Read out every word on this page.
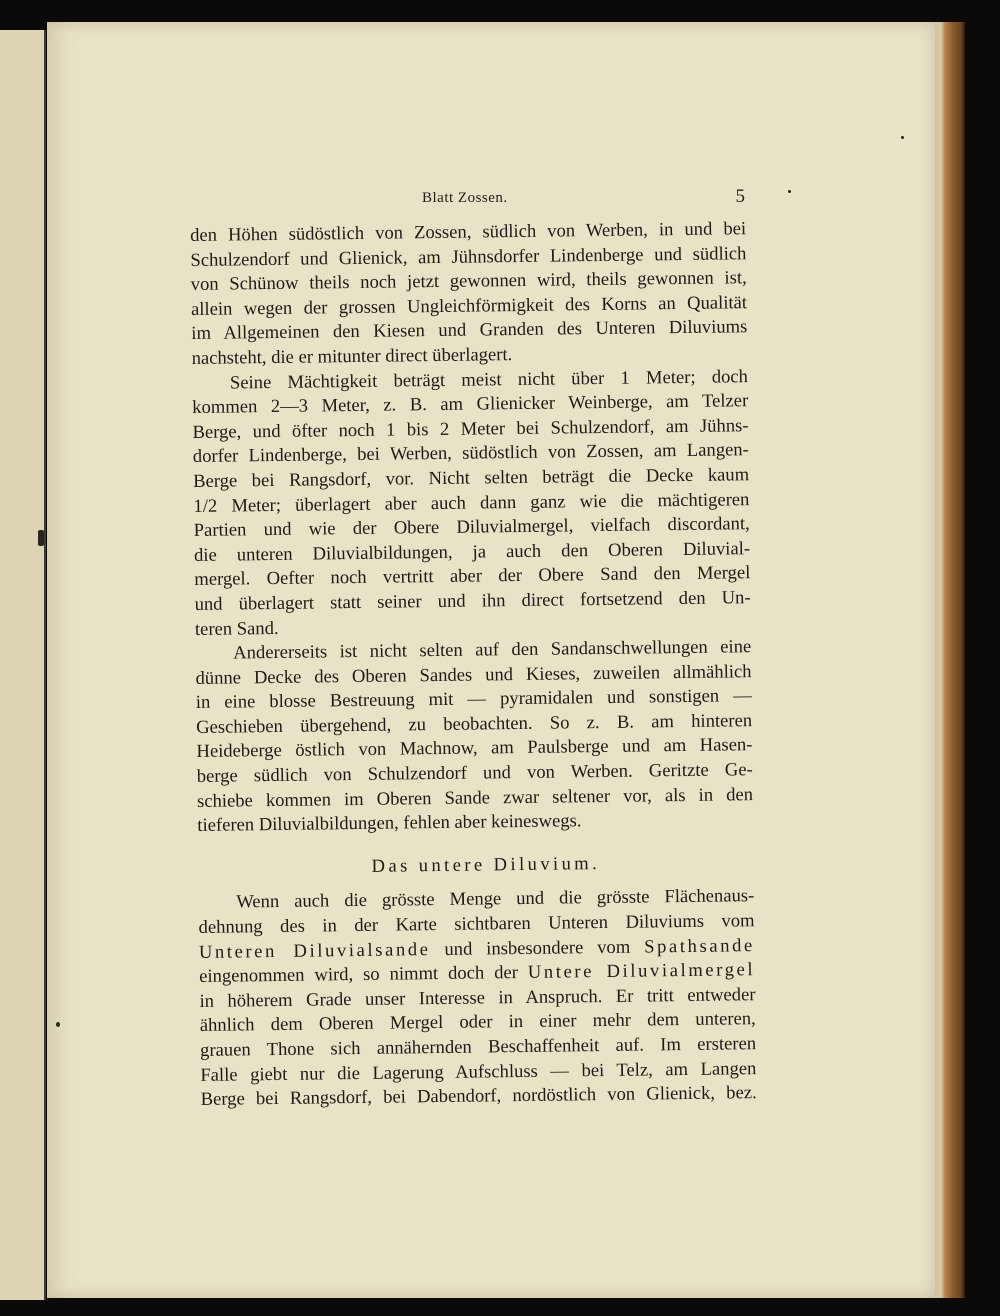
Blatt Zossen.	5
den Höhen südöstlich von Zossen, südlich von Werben, in und bei
Schulzendorf und Glienick, am Jühnsdorfer Lindenberge und südlich
von Schünow theils noch jetzt gewonnen wird, theils gewonnen ist,
allein wegen der grossen Ungleichförmigkeit des Korns an Qualität
im Allgemeinen den Kiesen und Granden des Unteren Diluviums
nachsteht, die er mitunter direct überlagert.
Seine Mächtigkeit beträgt meist nicht über 1 Meter; doch
kommen 2—3 Meter, z. B. am Glienicker Weinberge, am Telzer
Berge, und öfter noch 1 bis 2 Meter bei Schulzendorf, am Jühns-
dorfer Lindenberge, bei Werben, südöstlich von Zossen, am Langen-
Berge bei Rangsdorf, vor. Nicht selten beträgt die Decke kaum
1/2 Meter; überlagert aber auch dann ganz wie die mächtigeren
Partien und wie der Obere Diluvialmergel, vielfach discordant,
die unteren Diluvialbildungen, ja auch den Oberen Diluvial-
mergel. Oefter noch vertritt aber der Obere Sand den Mergel
und überlagert statt seiner und ihn direct fortsetzend den Un-
teren Sand.
Andererseits ist nicht selten auf den Sandanschwellungen eine
dünne Decke des Oberen Sandes und Kieses, zuweilen allmählich
in eine blosse Bestreuung mit — pyramidalen und sonstigen —
Geschieben übergehend, zu beobachten. So z. B. am hinteren
Heideberge östlich von Machnow, am Paulsberge und am Hasen-
berge südlich von Schulzendorf und von Werben. Geritzte Ge-
schiebe kommen im Oberen Sande zwar seltener vor, als in den
tieferen Diluvialbildungen, fehlen aber keineswegs.
Das untere Diluvium.
Wenn auch die grösste Menge und die grösste Flächenaus-
dehnung des in der Karte sichtbaren Unteren Diluviums vom
Unteren Diluvialsande und insbesondere vom Spathsande
eingenommen wird, so nimmt doch der Untere Diluvialmergel
in höherem Grade unser Interesse in Anspruch. Er tritt entweder
ähnlich dem Oberen Mergel oder in einer mehr dem unteren,
grauen Thone sich annähernden Beschaffenheit auf. Im ersteren
Falle giebt nur die Lagerung Aufschluss — bei Telz, am Langen
Berge bei Rangsdorf, bei Dabendorf, nordöstlich von Glienick, bez.
